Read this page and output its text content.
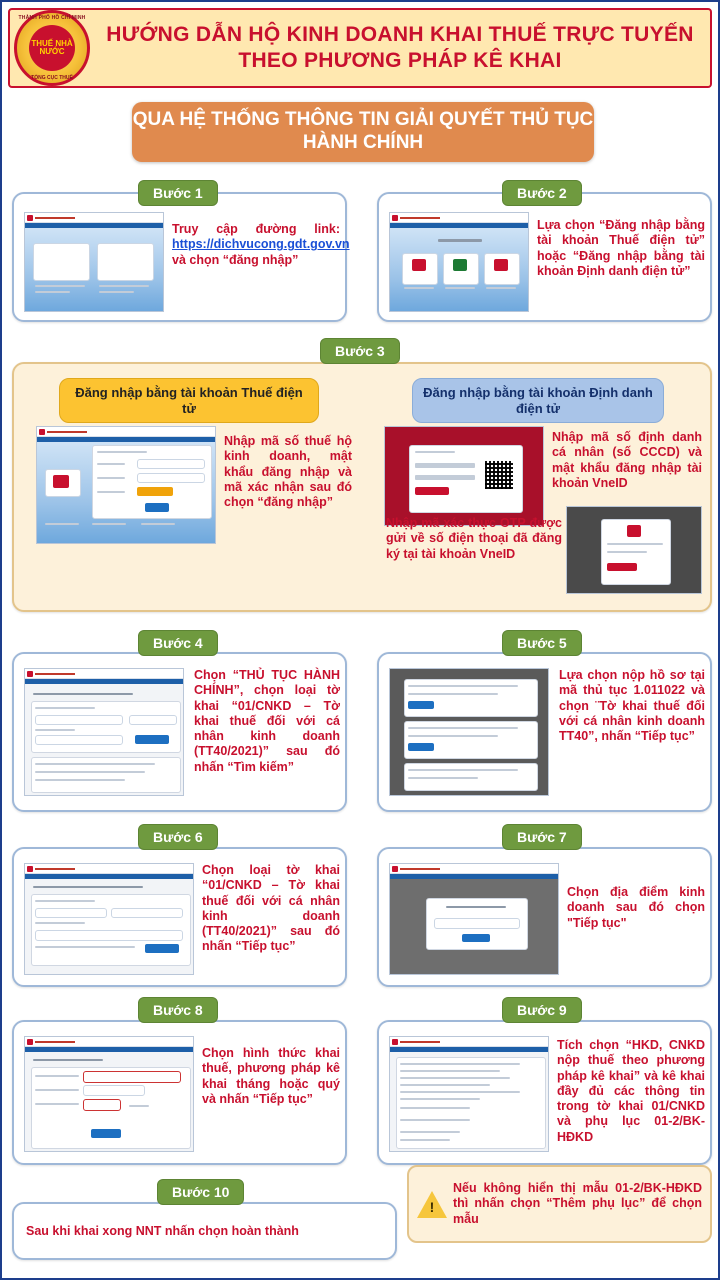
THÀNH PHỐ HỒ CHÍ MINH
THUẾ NHÀ NƯỚC
TỔNG CỤC THUẾ
HƯỚNG DẪN HỘ KINH DOANH KHAI THUẾ TRỰC TUYẾN THEO PHƯƠNG PHÁP KÊ KHAI
QUA HỆ THỐNG THÔNG TIN GIẢI QUYẾT THỦ TỤC HÀNH CHÍNH
Truy cập đường link: https://dichvucong.gdt.gov.vn và chọn “đăng nhập”
Bước 1
Lựa chọn “Đăng nhập bằng tài khoản Thuế điện tử” hoặc “Đăng nhập bằng tài khoản Định danh điện tử”
Bước 2
Đăng nhập bằng tài khoản Thuế điện tử
Nhập mã số thuế hộ kinh doanh, mật khẩu đăng nhập và mã xác nhận sau đó chọn “đăng nhập”
Đăng nhập bằng tài khoản Định danh điện tử
Nhập mã số định danh cá nhân (số CCCD) và mật khẩu đăng nhập tài khoản VneID
Nhập mã xác thực OTP được gửi về số điện thoại đã đăng ký tại tài khoản VneID
Bước 3
Chọn “THỦ TỤC HÀNH CHÍNH”, chọn loại tờ khai “01/CNKD – Tờ khai thuế đối với cá nhân kinh doanh (TT40/2021)” sau đó nhấn “Tìm kiếm”
Bước 4
Lựa chọn nộp hồ sơ tại mã thủ tục 1.011022 và chọn ¨Tờ khai thuế đối với cá nhân kinh doanh TT40”, nhấn “Tiếp tục”
Bước 5
Chọn loại tờ khai “01/CNKD – Tờ khai thuế đối với cá nhân kinh doanh (TT40/2021)” sau đó nhấn “Tiếp tục”
Bước 6
Chọn địa điểm kinh doanh sau đó chọn "Tiếp tục"
Bước 7
Chọn hình thức khai thuế, phương pháp kê khai tháng hoặc quý và nhấn “Tiếp tục”
Bước 8
Tích chọn “HKD, CNKD nộp thuế theo phương pháp kê khai” và kê khai đầy đủ các thông tin trong tờ khai 01/CNKD và phụ lục 01-2/BK-HĐKD
Bước 9
Sau khi khai xong NNT nhấn chọn hoàn thành
Bước 10
!	Nếu không hiển thị mẫu 01-2/BK-HĐKD thì nhấn chọn “Thêm phụ lục” để chọn mẫu
